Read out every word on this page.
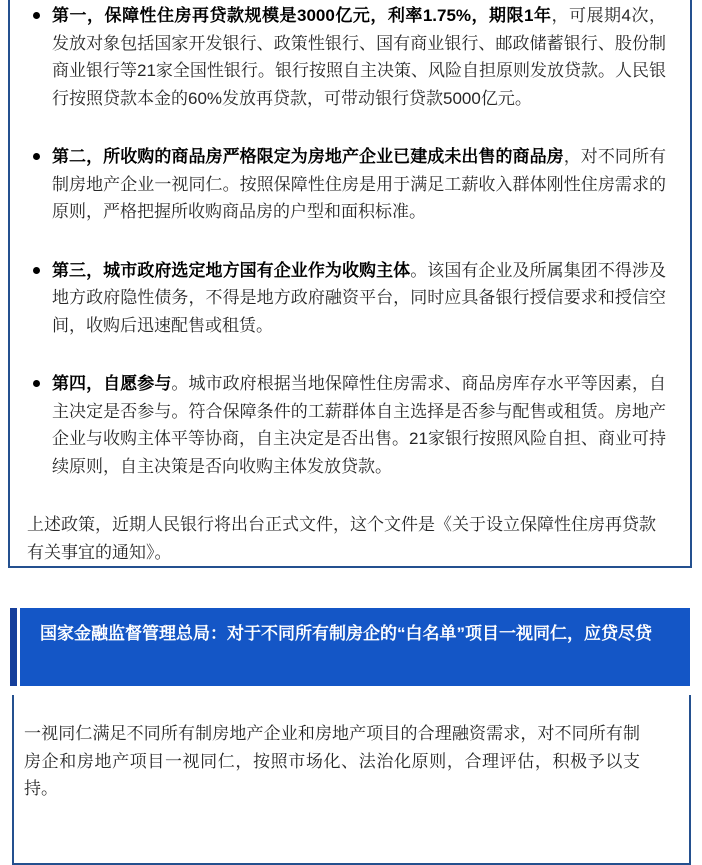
第一，保障性住房再贷款规模是3000亿元，利率1.75%，期限1年，可展期4次，发放对象包括国家开发银行、政策性银行、国有商业银行、邮政储蓄银行、股份制商业银行等21家全国性银行。银行按照自主决策、风险自担原则发放贷款。人民银行按照贷款本金的60%发放再贷款，可带动银行贷款5000亿元。
第二，所收购的商品房严格限定为房地产企业已建成未出售的商品房，对不同所有制房地产企业一视同仁。按照保障性住房是用于满足工薪收入群体刚性住房需求的原则，严格把握所收购商品房的户型和面积标准。
第三，城市政府选定地方国有企业作为收购主体。该国有企业及所属集团不得涉及地方政府隐性债务，不得是地方政府融资平台，同时应具备银行授信要求和授信空间，收购后迅速配售或租赁。
第四，自愿参与。城市政府根据当地保障性住房需求、商品房库存水平等因素，自主决定是否参与。符合保障条件的工薪群体自主选择是否参与配售或租赁。房地产企业与收购主体平等协商，自主决定是否出售。21家银行按照风险自担、商业可持续原则，自主决策是否向收购主体发放贷款。

上述政策，近期人民银行将出台正式文件，这个文件是《关于设立保障性住房再贷款有关事宜的通知》。

国家金融监督管理总局：对于不同所有制房企的“白名单”项目一视同仁，应贷尽贷

一视同仁满足不同所有制房地产企业和房地产项目的合理融资需求，对不同所有制房企和房地产项目一视同仁，按照市场化、法治化原则，合理评估，积极予以支持。
